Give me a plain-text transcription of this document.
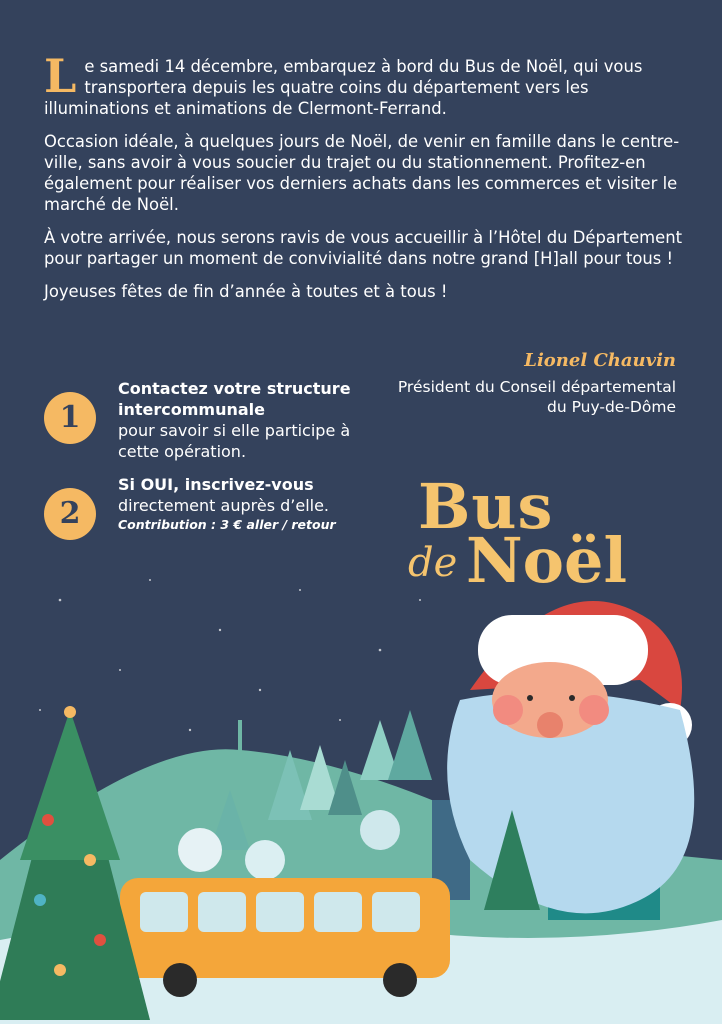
Le samedi 14 décembre, embarquez à bord du Bus de Noël, qui vous transportera depuis les quatre coins du département vers les illuminations et animations de Clermont-Ferrand.

Occasion idéale, à quelques jours de Noël, de venir en famille dans le centre-ville, sans avoir à vous soucier du trajet ou du stationnement. Profitez-en également pour réaliser vos derniers achats dans les commerces et visiter le marché de Noël.

À votre arrivée, nous serons ravis de vous accueillir à l’Hôtel du Département pour partager un moment de convivialité dans notre grand [H]all pour tous !

Joyeuses fêtes de fin d’année à toutes et à tous !

Lionel Chauvin
Président du Conseil départemental
du Puy-de-Dôme
1
Contactez votre structure intercommunale
pour savoir si elle participe à cette opération.
2
Si OUI, inscrivez-vous
directement auprès d’elle.
Contribution : 3 € aller / retour	Bus
de Noël
